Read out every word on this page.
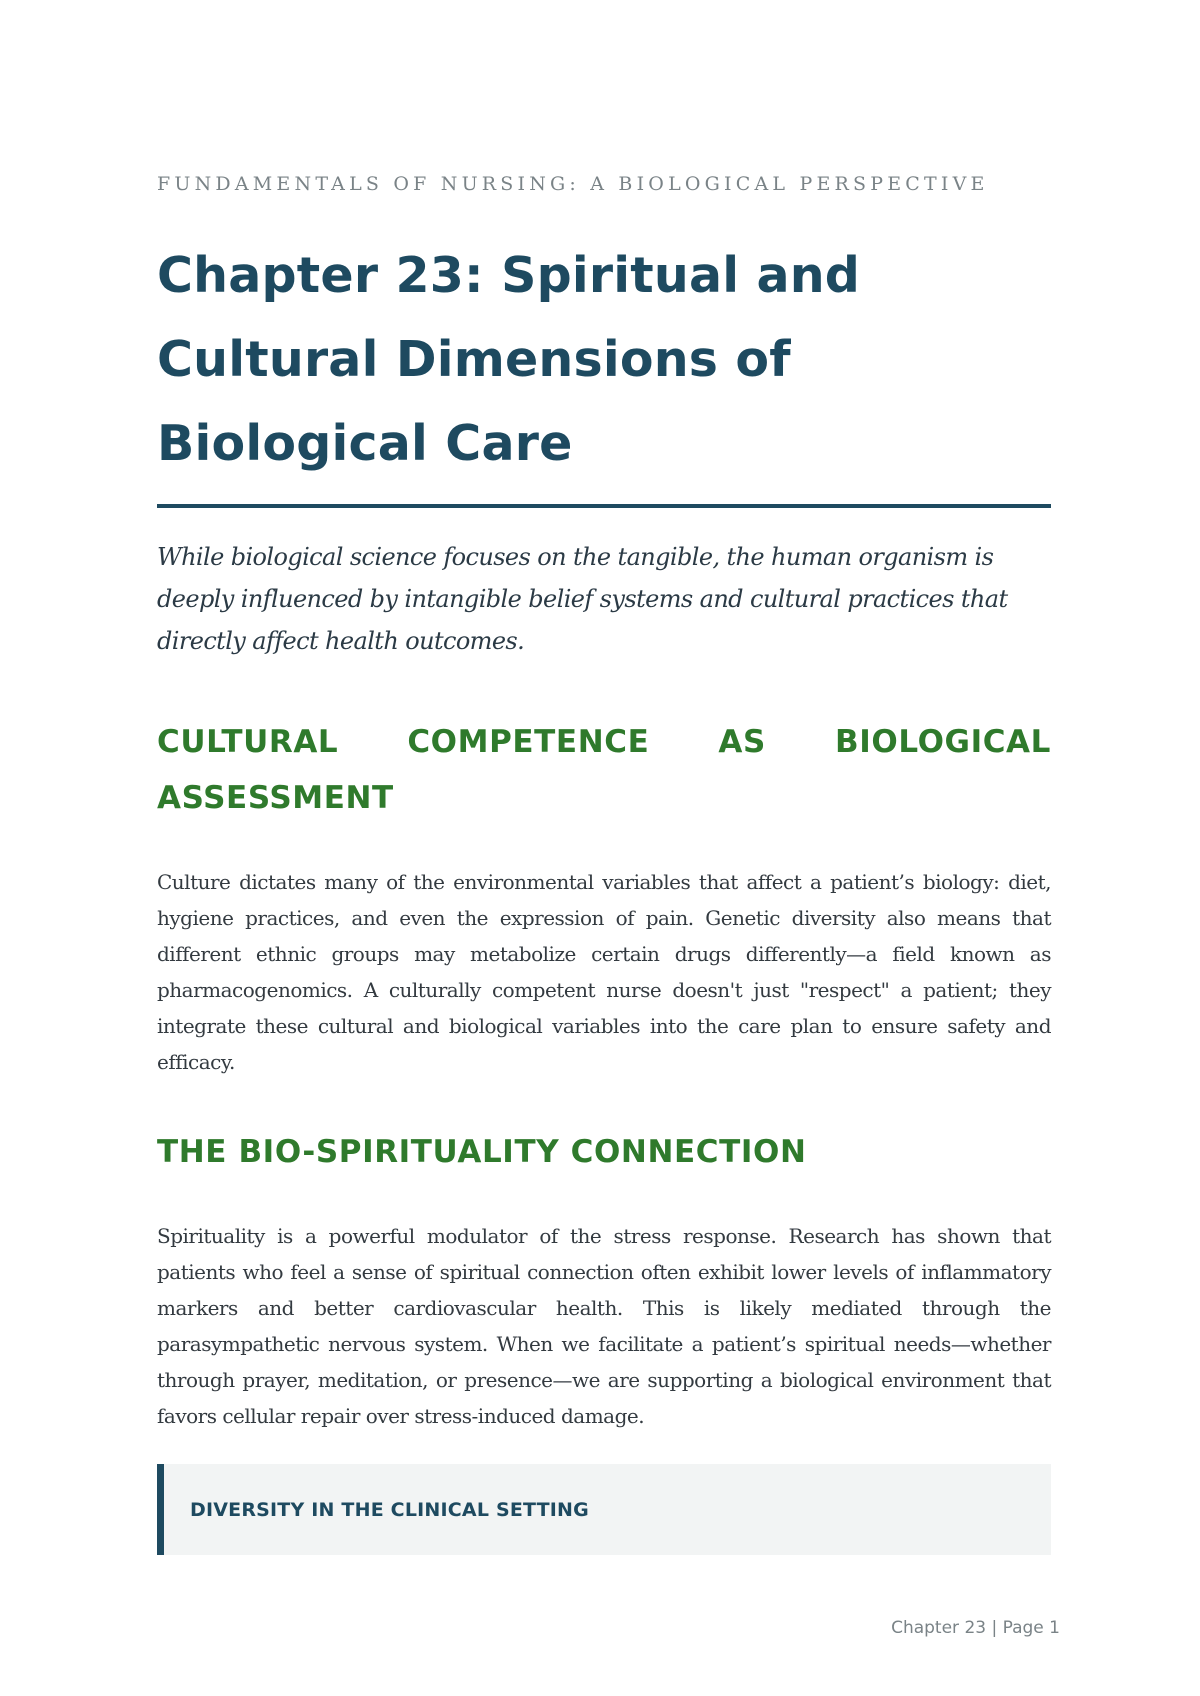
FUNDAMENTALS OF NURSING: A BIOLOGICAL PERSPECTIVE

Chapter 23: Spiritual and Cultural Dimensions of Biological Care

While biological science focuses on the tangible, the human organism is deeply influenced by intangible belief systems and cultural practices that directly affect health outcomes.

CULTURAL COMPETENCE AS BIOLOGICAL ASSESSMENT

Culture dictates many of the environmental variables that affect a patient’s biology: diet, hygiene practices, and even the expression of pain. Genetic diversity also means that different ethnic groups may metabolize certain drugs differently—a field known as pharmacogenomics. A culturally competent nurse doesn't just "respect" a patient; they integrate these cultural and biological variables into the care plan to ensure safety and efficacy.

THE BIO-SPIRITUALITY CONNECTION

Spirituality is a powerful modulator of the stress response. Research has shown that patients who feel a sense of spiritual connection often exhibit lower levels of inflammatory markers and better cardiovascular health. This is likely mediated through the parasympathetic nervous system. When we facilitate a patient’s spiritual needs—whether through prayer, meditation, or presence—we are supporting a biological environment that favors cellular repair over stress-induced damage.

DIVERSITY IN THE CLINICAL SETTING
Chapter 23 | Page 1
